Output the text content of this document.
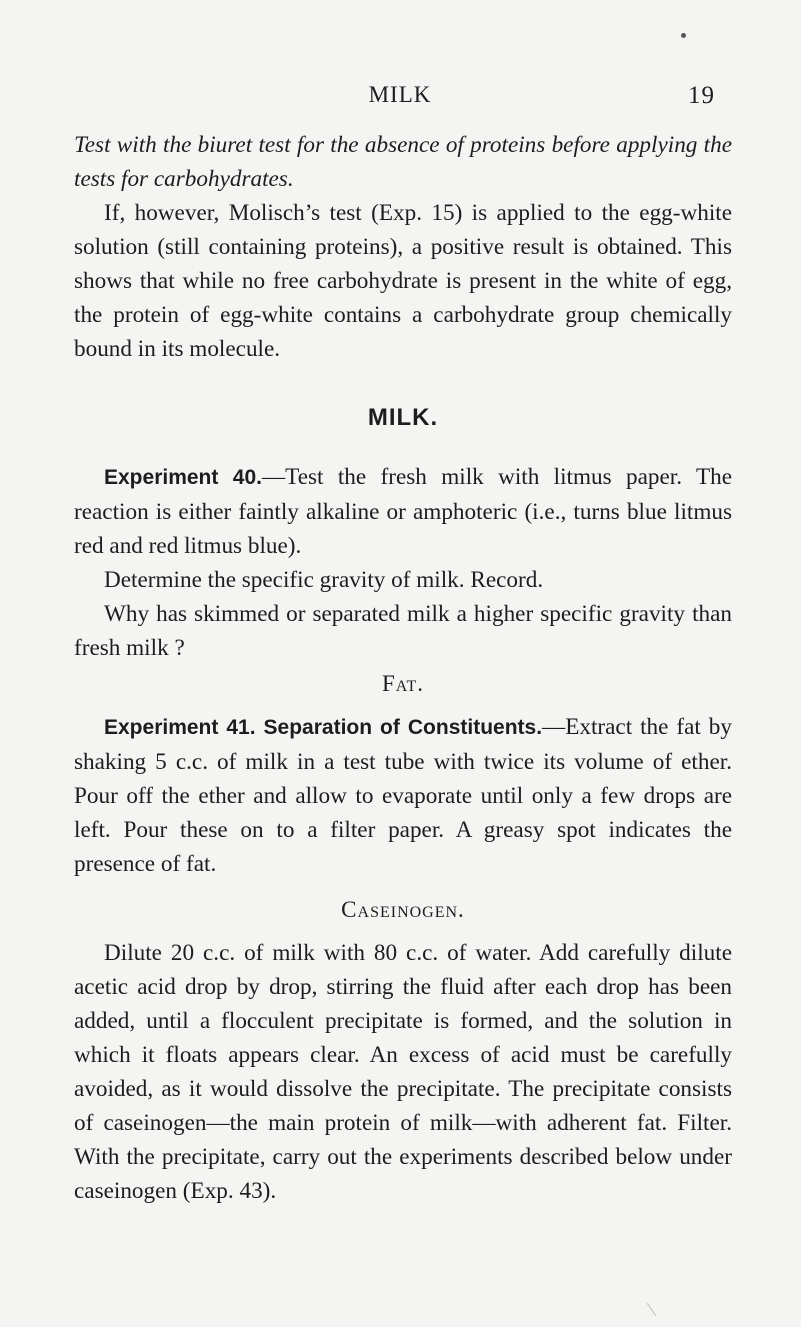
MILK	19

Test with the biuret test for the absence of proteins before applying the tests for carbohydrates.

If, however, Molisch’s test (Exp. 15) is applied to the egg-white solution (still containing proteins), a positive result is obtained. This shows that while no free carbohydrate is present in the white of egg, the protein of egg-white contains a carbohydrate group chemically bound in its molecule.

MILK.

Experiment 40.—Test the fresh milk with litmus paper. The reaction is either faintly alkaline or amphoteric (i.e., turns blue litmus red and red litmus blue).

Determine the specific gravity of milk. Record.

Why has skimmed or separated milk a higher specific gravity than fresh milk ?

Fat.

Experiment 41. Separation of Constituents.—Extract the fat by shaking 5 c.c. of milk in a test tube with twice its volume of ether. Pour off the ether and allow to evaporate until only a few drops are left. Pour these on to a filter paper. A greasy spot indicates the presence of fat.

Caseinogen.

Dilute 20 c.c. of milk with 80 c.c. of water. Add carefully dilute acetic acid drop by drop, stirring the fluid after each drop has been added, until a flocculent precipitate is formed, and the solution in which it floats appears clear. An excess of acid must be carefully avoided, as it would dissolve the precipitate. The precipitate consists of caseinogen—the main protein of milk—with adherent fat. Filter. With the precipitate, carry out the experiments described below under caseinogen (Exp. 43).
